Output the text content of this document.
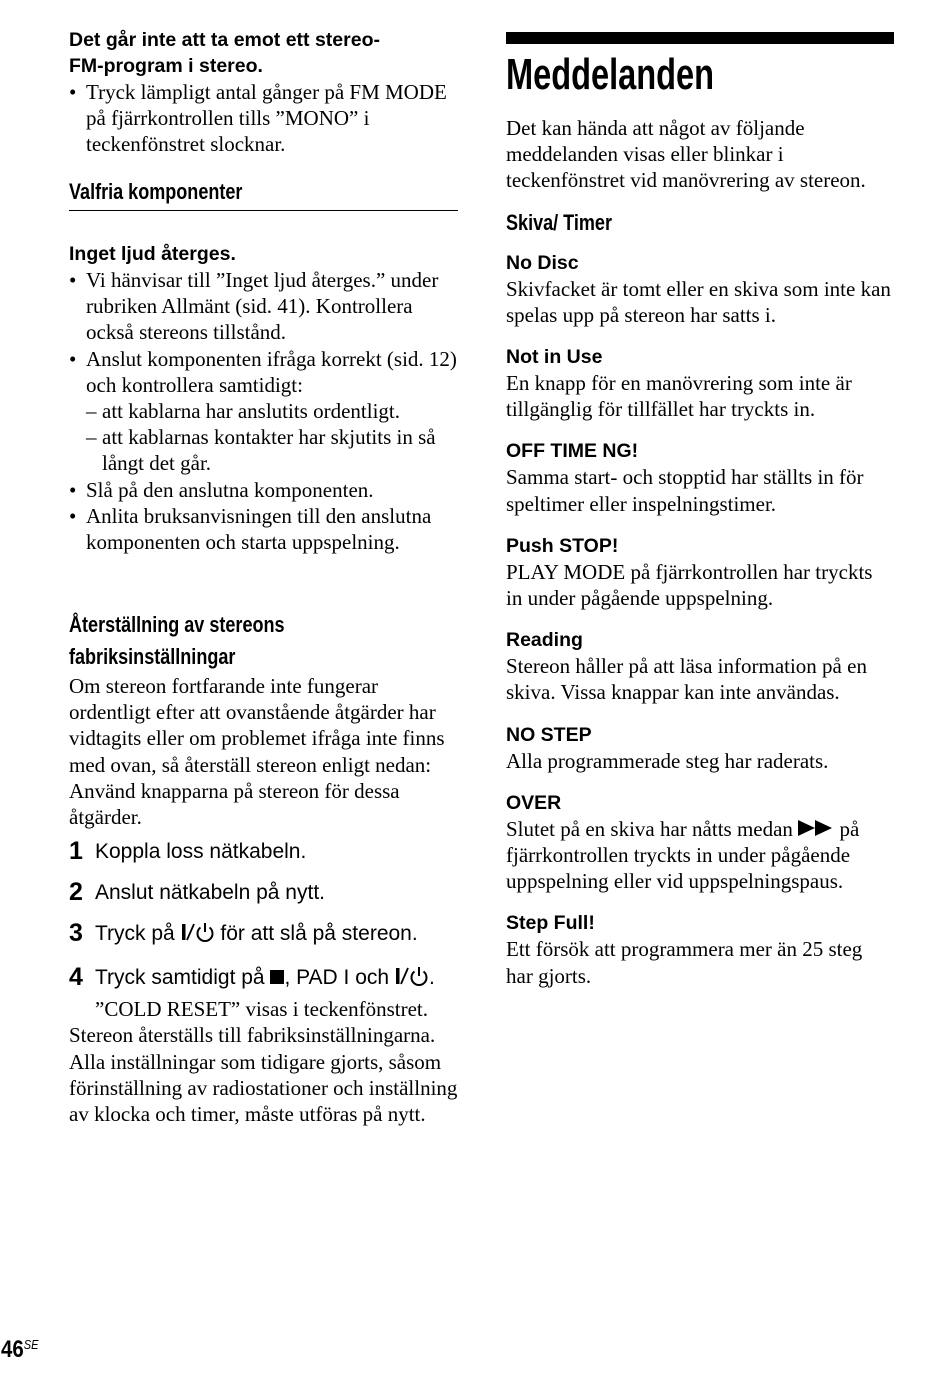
Det går inte att ta emot ett stereo-
FM-program i stereo.
• Tryck lämpligt antal gånger på FM MODE på fjärrkontrollen tills ”MONO” i teckenfönstret slocknar.
Valfria komponenter
Inget ljud återges.
• Vi hänvisar till ”Inget ljud återges.” under rubriken Allmänt (sid. 41). Kontrollera också stereons tillstånd.
• Anslut komponenten ifråga korrekt (sid. 12) och kontrollera samtidigt:
– att kablarna har anslutits ordentligt.
– att kablarnas kontakter har skjutits in så långt det går.
• Slå på den anslutna komponenten.
• Anlita bruksanvisningen till den anslutna komponenten och starta uppspelning.
Återställning av stereons
fabriksinställningar
Om stereon fortfarande inte fungerar ordentligt efter att ovanstående åtgärder har vidtagits eller om problemet ifråga inte finns med ovan, så återställ stereon enligt nedan:
Använd knapparna på stereon för dessa åtgärder.
1 Koppla loss nätkabeln.
2 Anslut nätkabeln på nytt.
3 Tryck på  för att slå på stereon.
4 Tryck samtidigt på , PAD I och .
”COLD RESET” visas i teckenfönstret.
Stereon återställs till fabriksinställningarna. Alla inställningar som tidigare gjorts, såsom förinställning av radiostationer och inställning av klocka och timer, måste utföras på nytt.
Meddelanden
Det kan hända att något av följande meddelanden visas eller blinkar i teckenfönstret vid manövrering av stereon.
Skiva/ Timer
No Disc
Skivfacket är tomt eller en skiva som inte kan spelas upp på stereon har satts i.
Not in Use
En knapp för en manövrering som inte är tillgänglig för tillfället har tryckts in.
OFF TIME NG!
Samma start- och stopptid har ställts in för speltimer eller inspelningstimer.
Push STOP!
PLAY MODE på fjärrkontrollen har tryckts in under pågående uppspelning.
Reading
Stereon håller på att läsa information på en skiva. Vissa knappar kan inte användas.
NO STEP
Alla programmerade steg har raderats.
OVER
Slutet på en skiva har nåtts medan  på fjärrkontrollen tryckts in under pågående uppspelning eller vid uppspelningspaus.
Step Full!
Ett försök att programmera mer än 25 steg har gjorts.
$46^{SE}$
